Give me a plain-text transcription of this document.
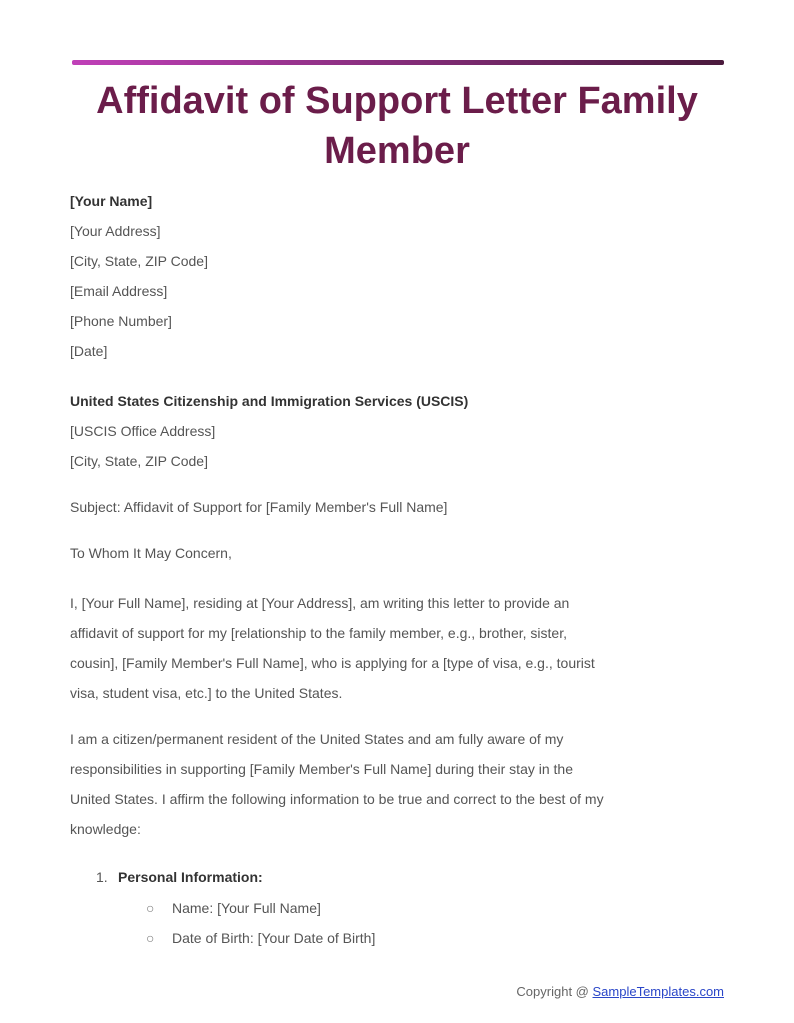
Affidavit of Support Letter Family Member
[Your Name]
[Your Address]
[City, State, ZIP Code]
[Email Address]
[Phone Number]
[Date]
United States Citizenship and Immigration Services (USCIS)
[USCIS Office Address]
[City, State, ZIP Code]
Subject: Affidavit of Support for [Family Member's Full Name]
To Whom It May Concern,
I, [Your Full Name], residing at [Your Address], am writing this letter to provide an
affidavit of support for my [relationship to the family member, e.g., brother, sister,
cousin], [Family Member's Full Name], who is applying for a [type of visa, e.g., tourist
visa, student visa, etc.] to the United States.
I am a citizen/permanent resident of the United States and am fully aware of my
responsibilities in supporting [Family Member's Full Name] during their stay in the
United States. I affirm the following information to be true and correct to the best of my
knowledge:
1. Personal Information:
○ Name: [Your Full Name]
○ Date of Birth: [Your Date of Birth]
Copyright @ SampleTemplates.com
